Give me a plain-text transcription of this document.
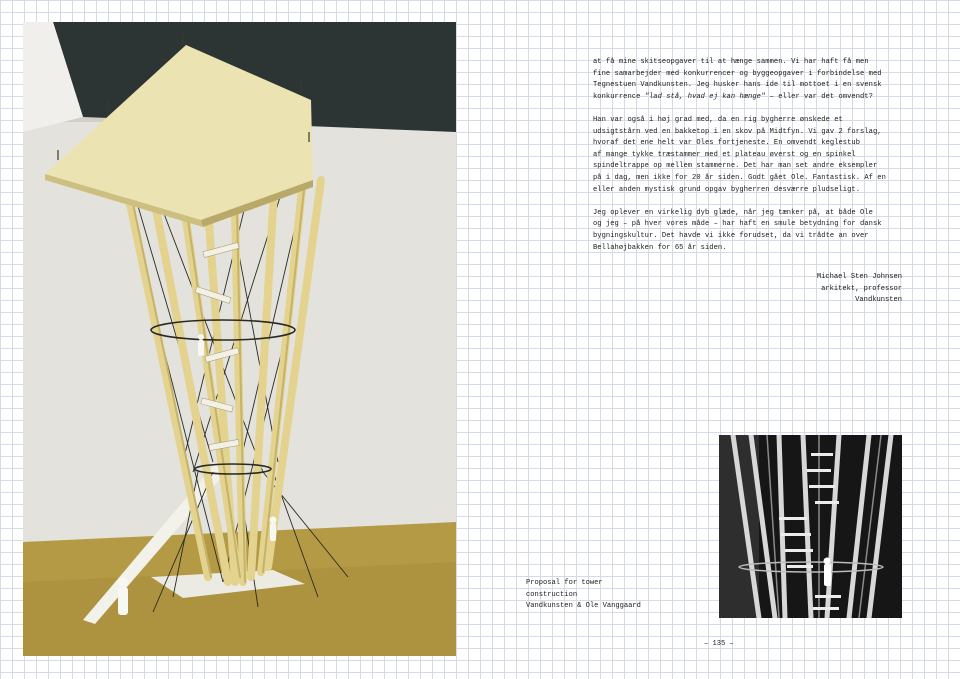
at få mine skitseopgaver til at hænge sammen. Vi har haft få men
fine samarbejder med konkurrencer og byggeopgaver i forbindelse med
Tegnestuen Vandkunsten. Jeg husker hans ide til mottoet i en svensk
konkurrence "lad stå, hvad ej kan hænge" – eller var det omvendt?

Han var også i høj grad med, da en rig bygherre ønskede et
udsigtstårn ved en bakketop i en skov på Midtfyn. Vi gav 2 forslag,
hvoraf det ene helt var Oles fortjeneste. En omvendt keglestub
af mange tykke træstammer med et plateau øverst og en spinkel
spindeltrappe op mellem stammerne. Det har man set andre eksempler
på i dag, men ikke for 20 år siden. Godt gået Ole. Fantastisk. Af en
eller anden mystisk grund opgav bygherren desværre pludseligt.

Jeg oplever en virkelig dyb glæde, når jeg tænker på, at både Ole
og jeg – på hver vores måde – har haft en smule betydning for dansk
bygningskultur. Det havde vi ikke forudset, da vi trådte an over
Bellahøjbakken for 65 år siden.

Michael Sten Johnsen
arkitekt, professor
Vandkunsten
Proposal for tower
construction
Vandkunsten & Ole Vanggaard
– 135 –
